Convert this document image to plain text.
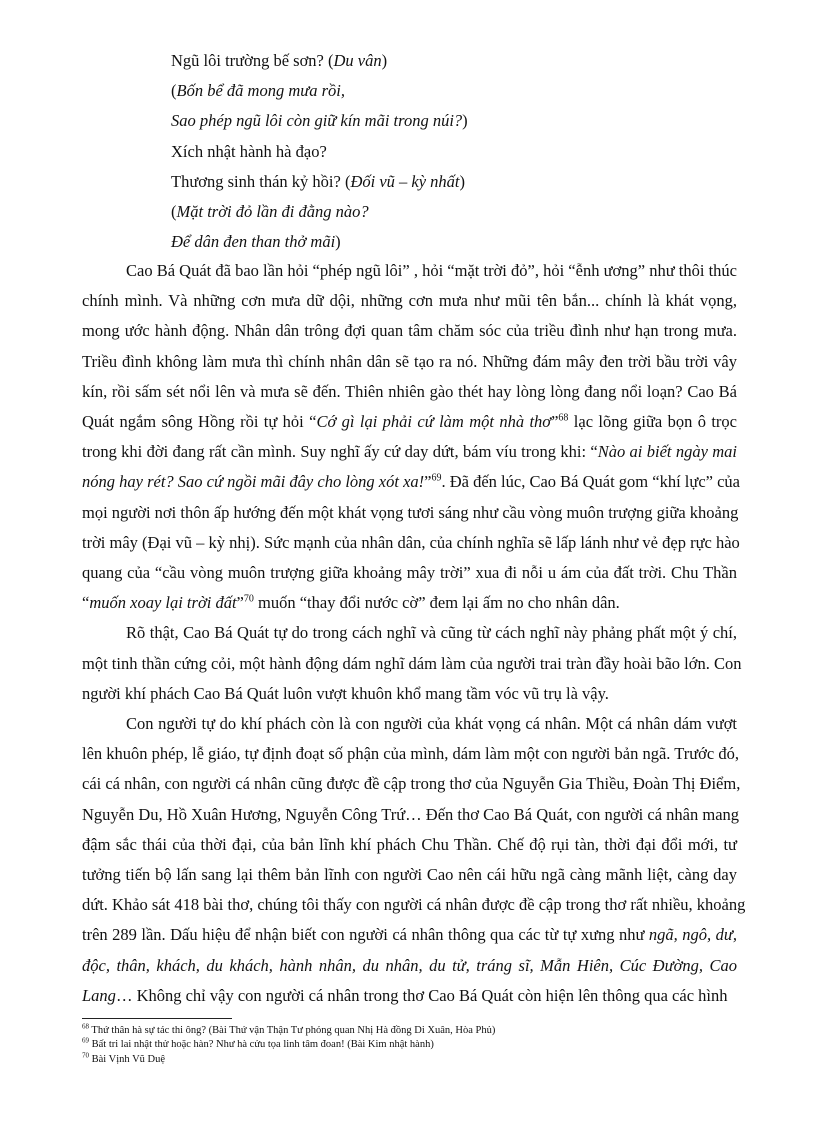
Ngũ lôi trường bế sơn? (Du vân)
(Bốn bể đã mong mưa rồi,
Sao phép ngũ lôi còn giữ kín mãi trong núi?)
Xích nhật hành hà đạo?
Thương sinh thán kỷ hồi? (Đối vũ – kỳ nhất)
(Mặt trời đỏ lần đi đằng nào?
Để dân đen than thở mãi)

Cao Bá Quát đã bao lần hỏi “phép ngũ lôi” , hỏi “mặt trời đỏ”, hỏi “ễnh ương” như thôi thúc
chính mình. Và những cơn mưa dữ dội, những cơn mưa như mũi tên bắn... chính là khát vọng,
mong ước hành động. Nhân dân trông đợi quan tâm chăm sóc của triều đình như hạn trong mưa.
Triều đình không làm mưa thì chính nhân dân sẽ tạo ra nó. Những đám mây đen trời bầu trời vây
kín, rồi sấm sét nổi lên và mưa sẽ đến. Thiên nhiên gào thét hay lòng lòng đang nổi loạn? Cao Bá
Quát ngắm sông Hồng rồi tự hỏi “Cớ gì lại phải cứ làm một nhà thơ”$^{68}$ lạc lõng giữa bọn ô trọc
trong khi đời đang rất cần mình. Suy nghĩ ấy cứ day dứt, bám víu trong khi: “Nào ai biết ngày mai
nóng hay rét? Sao cứ ngồi mãi đây cho lòng xót xa!”$^{69}$. Đã đến lúc, Cao Bá Quát gom “khí lực” của
mọi người nơi thôn ấp hướng đến một khát vọng tươi sáng như cầu vòng muôn trượng giữa khoảng
trời mây (Đại vũ – kỳ nhị). Sức mạnh của nhân dân, của chính nghĩa sẽ lấp lánh như vẻ đẹp rực hào
quang của “cầu vòng muôn trượng giữa khoảng mây trời” xua đi nỗi u ám của đất trời. Chu Thần
“muốn xoay lại trời đất”$^{70}$ muốn “thay đổi nước cờ” đem lại ấm no cho nhân dân.

Rõ thật, Cao Bá Quát tự do trong cách nghĩ và cũng từ cách nghĩ này phảng phất một ý chí,
một tinh thần cứng cỏi, một hành động dám nghĩ dám làm của người trai tràn đầy hoài bão lớn. Con
người khí phách Cao Bá Quát luôn vượt khuôn khổ mang tầm vóc vũ trụ là vậy.

Con người tự do khí phách còn là con người của khát vọng cá nhân. Một cá nhân dám vượt
lên khuôn phép, lễ giáo, tự định đoạt số phận của mình, dám làm một con người bản ngã. Trước đó,
cái cá nhân, con người cá nhân cũng được đề cập trong thơ của Nguyễn Gia Thiều, Đoàn Thị Điểm,
Nguyễn Du, Hồ Xuân Hương, Nguyễn Công Trứ… Đến thơ Cao Bá Quát, con người cá nhân mang
đậm sắc thái của thời đại, của bản lĩnh khí phách Chu Thần. Chế độ rụi tàn, thời đại đổi mới, tư
tưởng tiến bộ lấn sang lại thêm bản lĩnh con người Cao nên cái hữu ngã càng mãnh liệt, càng day
dứt. Khảo sát 418 bài thơ, chúng tôi thấy con người cá nhân được đề cập trong thơ rất nhiều, khoảng
trên 289 lần. Dấu hiệu để nhận biết con người cá nhân thông qua các từ tự xưng như ngã, ngô, dư,
độc, thân, khách, du khách, hành nhân, du nhân, du tử, tráng sĩ, Mẫn Hiên, Cúc Đường, Cao
Lang… Không chỉ vậy con người cá nhân trong thơ Cao Bá Quát còn hiện lên thông qua các hình

$^{68}$ Thứ thân hà sự tác thi ông? (Bài Thứ vận Thận Tư phỏng quan Nhị Hà đồng Di Xuân, Hòa Phủ)
$^{69}$ Bất tri lai nhật thử hoặc hàn? Như hà cửu tọa linh tâm đoan! (Bài Kim nhật hành)
$^{70}$ Bài Vịnh Vũ Duệ
